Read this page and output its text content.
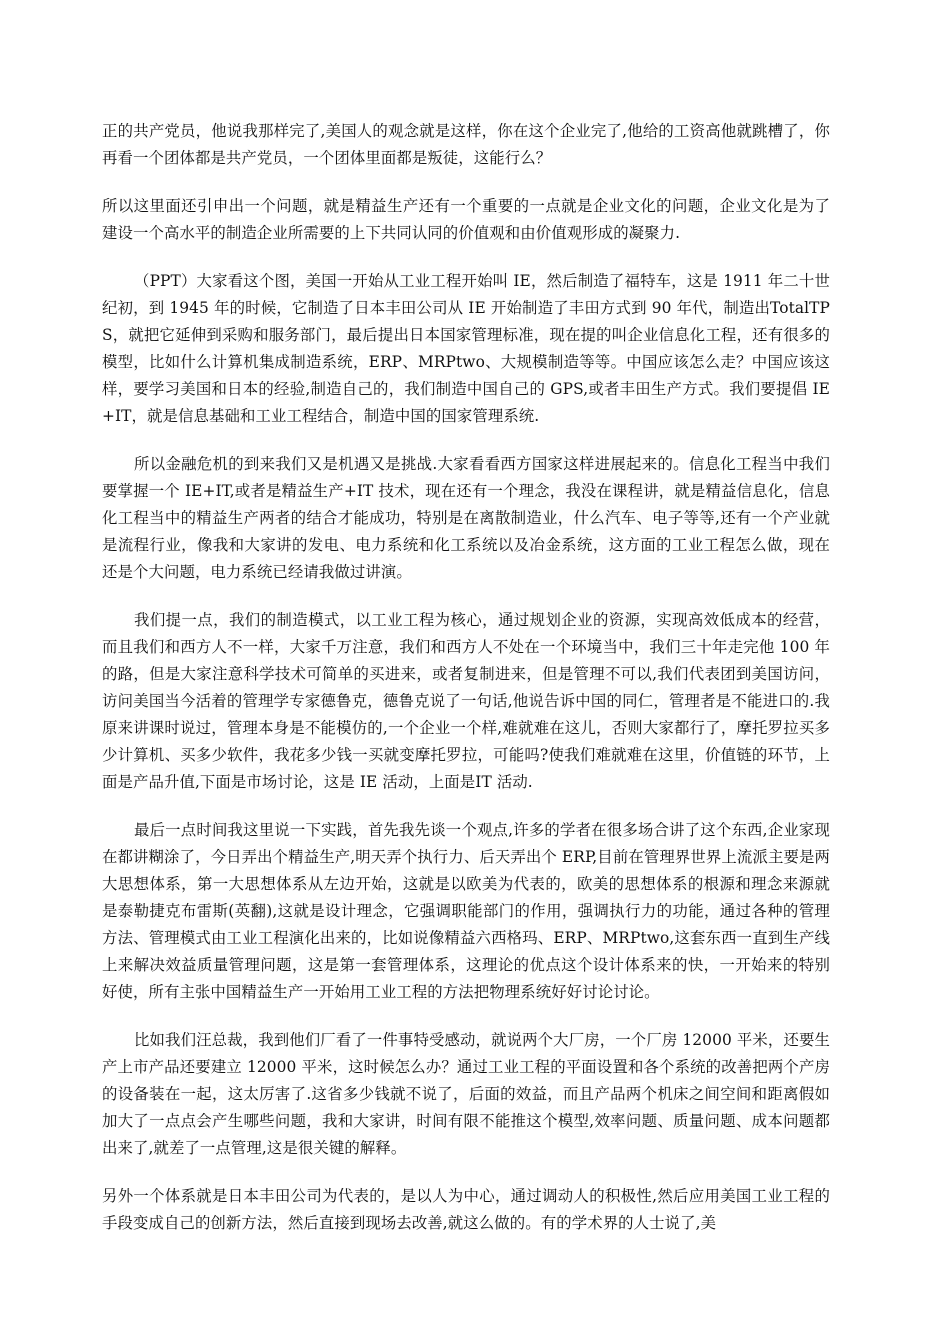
正的共产党员，他说我那样完了,美国人的观念就是这样，你在这个企业完了,他给的工资高他就跳槽了，你再看一个团体都是共产党员，一个团体里面都是叛徒，这能行么？

所以这里面还引申出一个问题，就是精益生产还有一个重要的一点就是企业文化的问题，企业文化是为了建设一个高水平的制造企业所需要的上下共同认同的价值观和由价值观形成的凝聚力.

（PPT）大家看这个图，美国一开始从工业工程开始叫 IE，然后制造了福特车，这是 1911 年二十世纪初，到 1945 年的时候，它制造了日本丰田公司从 IE 开始制造了丰田方式到 90 年代，制造出TotalTPS，就把它延伸到采购和服务部门，最后提出日本国家管理标准，现在提的叫企业信息化工程，还有很多的模型，比如什么计算机集成制造系统，ERP、MRPtwo、大规模制造等等。中国应该怎么走？中国应该这样，要学习美国和日本的经验,制造自己的，我们制造中国自己的 GPS,或者丰田生产方式。我们要提倡 IE+IT，就是信息基础和工业工程结合，制造中国的国家管理系统.

所以金融危机的到来我们又是机遇又是挑战.大家看看西方国家这样进展起来的。信息化工程当中我们要掌握一个 IE+IT,或者是精益生产+IT 技术，现在还有一个理念，我没在课程讲，就是精益信息化，信息化工程当中的精益生产两者的结合才能成功，特别是在离散制造业，什么汽车、电子等等,还有一个产业就是流程行业，像我和大家讲的发电、电力系统和化工系统以及冶金系统，这方面的工业工程怎么做，现在还是个大问题，电力系统已经请我做过讲演。

我们提一点，我们的制造模式，以工业工程为核心，通过规划企业的资源，实现高效低成本的经营，而且我们和西方人不一样，大家千万注意，我们和西方人不处在一个环境当中，我们三十年走完他 100 年的路，但是大家注意科学技术可简单的买进来，或者复制进来，但是管理不可以,我们代表团到美国访问，访问美国当今活着的管理学专家德鲁克，德鲁克说了一句话,他说告诉中国的同仁，管理者是不能进口的.我原来讲课时说过，管理本身是不能模仿的,一个企业一个样,难就难在这儿，否则大家都行了，摩托罗拉买多少计算机、买多少软件，我花多少钱一买就变摩托罗拉，可能吗?使我们难就难在这里，价值链的环节，上面是产品升值,下面是市场讨论，这是 IE 活动，上面是IT 活动.

最后一点时间我这里说一下实践，首先我先谈一个观点,许多的学者在很多场合讲了这个东西,企业家现在都讲糊涂了，今日弄出个精益生产,明天弄个执行力、后天弄出个 ERP,目前在管理界世界上流派主要是两大思想体系，第一大思想体系从左边开始，这就是以欧美为代表的，欧美的思想体系的根源和理念来源就是泰勒捷克布雷斯(英翻),这就是设计理念，它强调职能部门的作用，强调执行力的功能，通过各种的管理方法、管理模式由工业工程演化出来的，比如说像精益六西格玛、ERP、MRPtwo,这套东西一直到生产线上来解决效益质量管理问题，这是第一套管理体系，这理论的优点这个设计体系来的快，一开始来的特别好使，所有主张中国精益生产一开始用工业工程的方法把物理系统好好讨论讨论。

比如我们汪总裁，我到他们厂看了一件事特受感动，就说两个大厂房，一个厂房 12000 平米，还要生产上市产品还要建立 12000 平米，这时候怎么办？通过工业工程的平面设置和各个系统的改善把两个产房的设备装在一起，这太厉害了.这省多少钱就不说了，后面的效益，而且产品两个机床之间空间和距离假如加大了一点点会产生哪些问题，我和大家讲，时间有限不能推这个模型,效率问题、质量问题、成本问题都出来了,就差了一点管理,这是很关键的解释。

另外一个体系就是日本丰田公司为代表的，是以人为中心，通过调动人的积极性,然后应用美国工业工程的手段变成自己的创新方法，然后直接到现场去改善,就这么做的。有的学术界的人士说了,美
